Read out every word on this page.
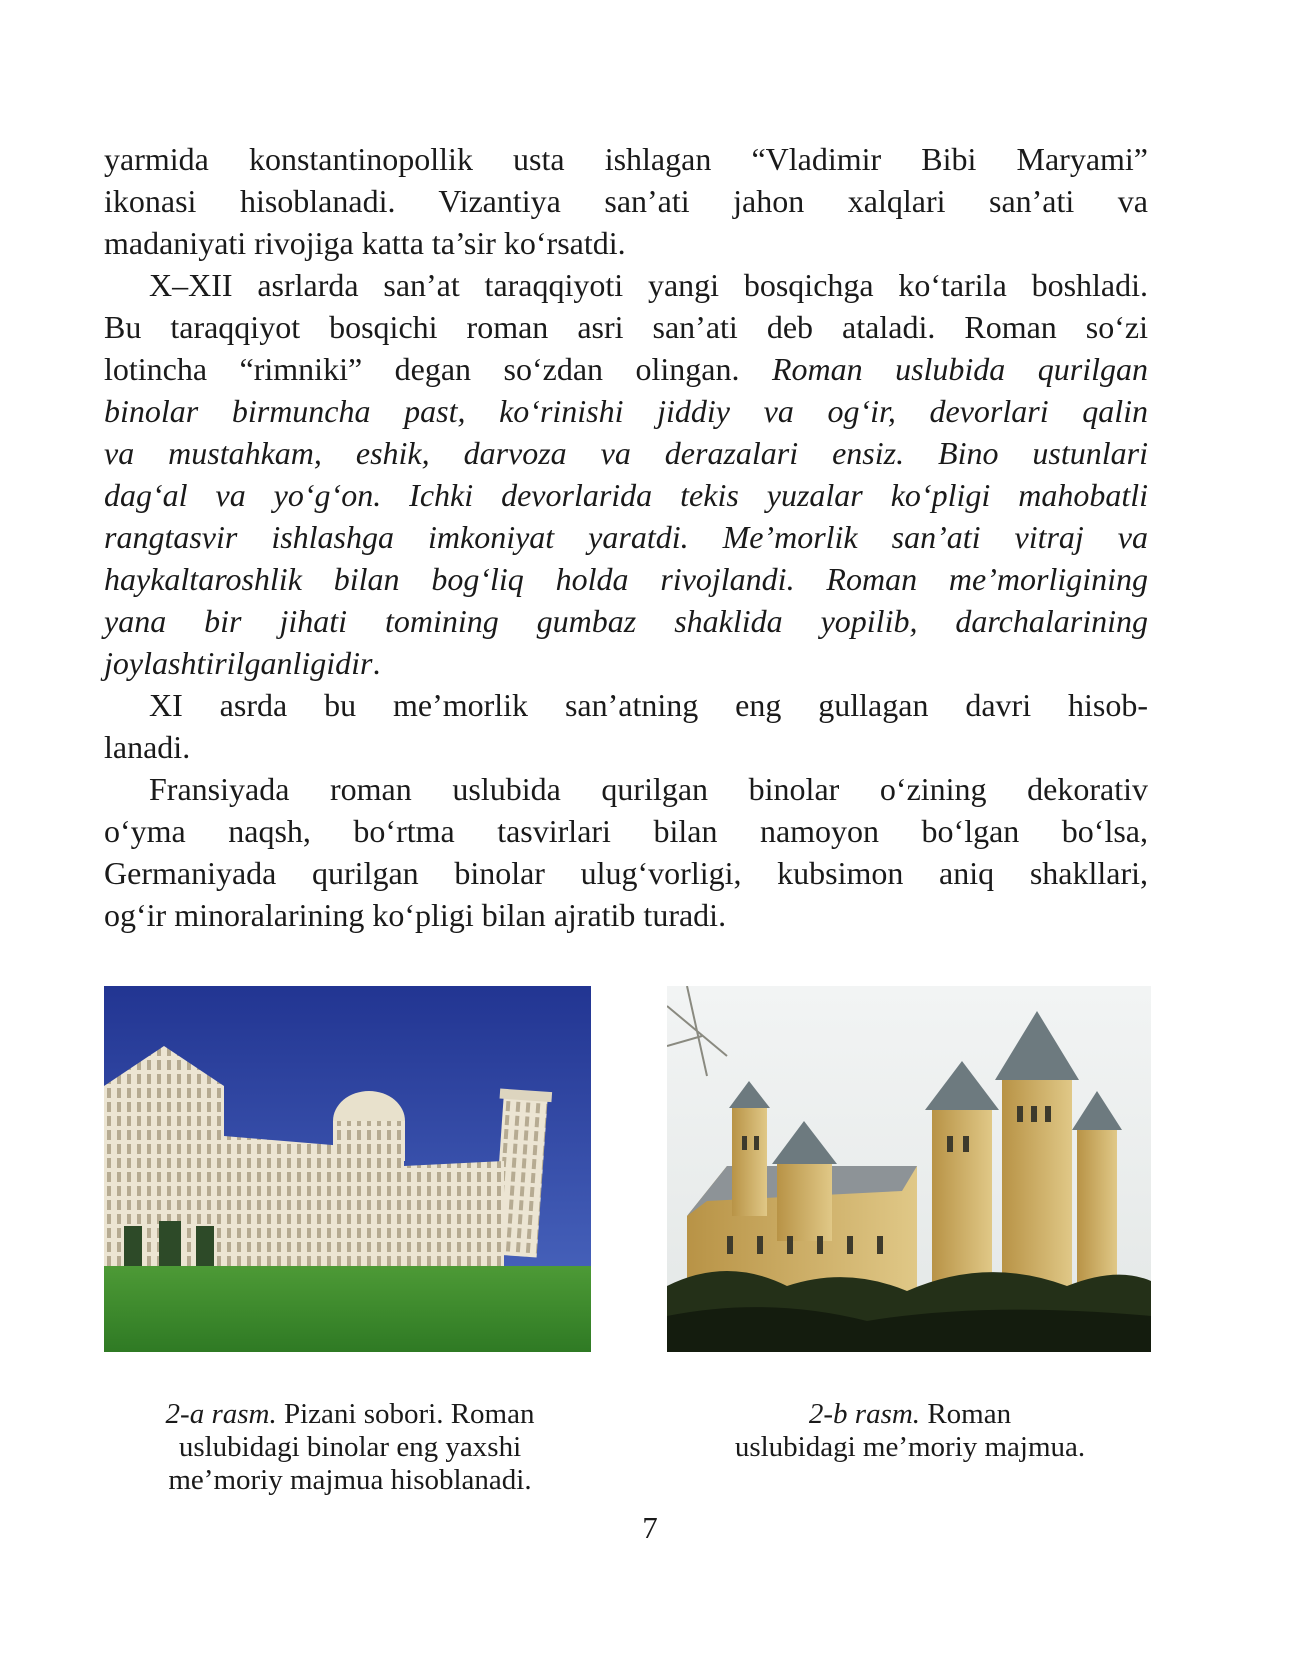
yarmida konstantinopollik usta ishlagan “Vladimir Bibi Maryami”

ikonasi hisoblanadi. Vizantiya san’ati jahon xalqlari san’ati va

madaniyati rivojiga katta ta’sir ko‘rsatdi.

X–XII asrlarda san’at taraqqiyoti yangi bosqichga ko‘tarila boshladi.

Bu taraqqiyot bosqichi roman asri san’ati deb ataladi. Roman so‘zi

lotincha “rimniki” degan so‘zdan olingan. Roman uslubida qurilgan

binolar birmuncha past, ko‘rinishi jiddiy va og‘ir, devorlari qalin

va mustahkam, eshik, darvoza va derazalari ensiz. Bino ustunlari

dag‘al va yo‘g‘on. Ichki devorlarida tekis yuzalar ko‘pligi mahobatli

rangtasvir ishlashga imkoniyat yaratdi. Me’morlik san’ati vitraj va

haykaltaroshlik bilan bog‘liq holda rivojlandi. Roman me’morligining

yana bir jihati tomining gumbaz shaklida yopilib, darchalarining

joylashtirilganligidir.

XI asrda bu me’morlik san’atning eng gullagan davri hisob-

lanadi.

Fransiyada roman uslubida qurilgan binolar o‘zining dekorativ

o‘yma naqsh, bo‘rtma tasvirlari bilan namoyon bo‘lgan bo‘lsa,

Germaniyada qurilgan binolar ulug‘vorligi, kubsimon aniq shakllari,

og‘ir minoralarining ko‘pligi bilan ajratib turadi.

2-a rasm. Pizani sobori. Roman
uslubidagi binolar eng yaxshi
me’moriy majmua hisoblanadi.
2-b rasm. Roman
uslubidagi me’moriy majmua.
7
